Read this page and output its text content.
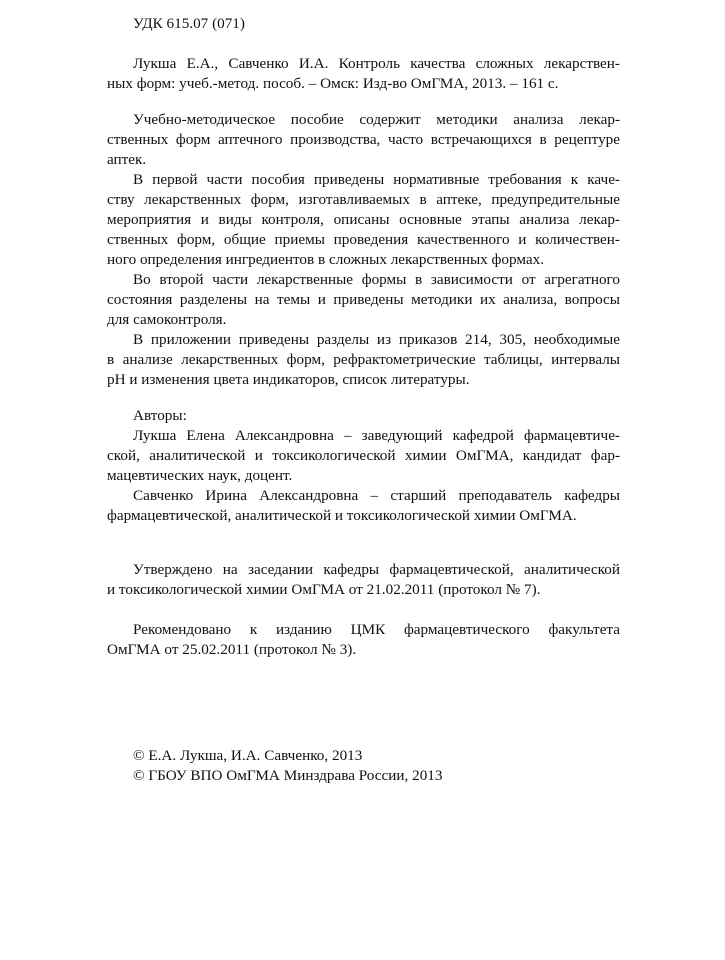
УДК 615.07 (071)
Лукша Е.А., Савченко И.А. Контроль качества сложных лекарствен-
ных форм: учеб.-метод. пособ. – Омск: Изд-во ОмГМА, 2013. – 161 с.
Учебно-методическое пособие содержит методики анализа лекар-
ственных форм аптечного производства, часто встречающихся в рецептуре
аптек.
В первой части пособия приведены нормативные требования к каче-
ству лекарственных форм, изготавливаемых в аптеке, предупредительные
мероприятия и виды контроля, описаны основные этапы анализа лекар-
ственных форм, общие приемы проведения качественного и количествен-
ного определения ингредиентов в сложных лекарственных формах.
Во второй части лекарственные формы в зависимости от агрегатного
состояния разделены на темы и приведены методики их анализа, вопросы
для самоконтроля.
В приложении приведены разделы из приказов 214, 305, необходимые
в анализе лекарственных форм, рефрактометрические таблицы, интервалы
рН и изменения цвета индикаторов, список литературы.
Авторы:
Лукша Елена Александровна – заведующий кафедрой фармацевтиче-
ской, аналитической и токсикологической химии ОмГМА, кандидат фар-
мацевтических наук, доцент.
Савченко Ирина Александровна – старший преподаватель кафедры
фармацевтической, аналитической и токсикологической химии ОмГМА.
Утверждено на заседании кафедры фармацевтической, аналитической
и токсикологической химии ОмГМА от 21.02.2011 (протокол № 7).
Рекомендовано к изданию ЦМК фармацевтического факультета
ОмГМА от 25.02.2011 (протокол № 3).
© Е.А. Лукша, И.А. Савченко, 2013
© ГБОУ ВПО ОмГМА Минздрава России, 2013
